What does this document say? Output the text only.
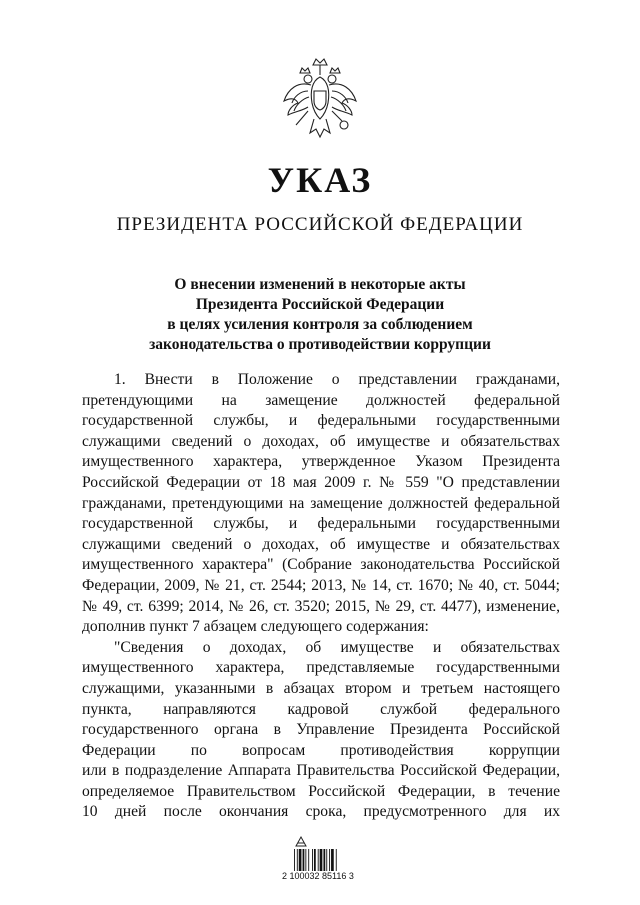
УКАЗ
ПРЕЗИДЕНТА РОССИЙСКОЙ ФЕДЕРАЦИИ
О внесении изменений в некоторые акты
Президента Российской Федерации
в целях усиления контроля за соблюдением
законодательства о противодействии коррупции
1. Внести в Положение о представлении гражданами,
претендующими на замещение должностей федеральной
государственной службы, и федеральными государственными
служащими сведений о доходах, об имуществе и обязательствах
имущественного характера, утвержденное Указом Президента
Российской Федерации от 18 мая 2009 г. № 559 "О представлении
гражданами, претендующими на замещение должностей федеральной
государственной службы, и федеральными государственными
служащими сведений о доходах, об имуществе и обязательствах
имущественного характера" (Собрание законодательства Российской
Федерации, 2009, № 21, ст. 2544; 2013, № 14, ст. 1670; № 40, ст. 5044;
№ 49, ст. 6399; 2014, № 26, ст. 3520; 2015, № 29, ст. 4477), изменение,
дополнив пункт 7 абзацем следующего содержания:
"Сведения о доходах, об имуществе и обязательствах
имущественного характера, представляемые государственными
служащими, указанными в абзацах втором и третьем настоящего
пункта, направляются кадровой службой федерального
государственного органа в Управление Президента Российской
Федерации по вопросам противодействия коррупции
или в подразделение Аппарата Правительства Российской Федерации,
определяемое Правительством Российской Федерации, в течение
10 дней после окончания срока, предусмотренного для их
2 100032 85116 3
